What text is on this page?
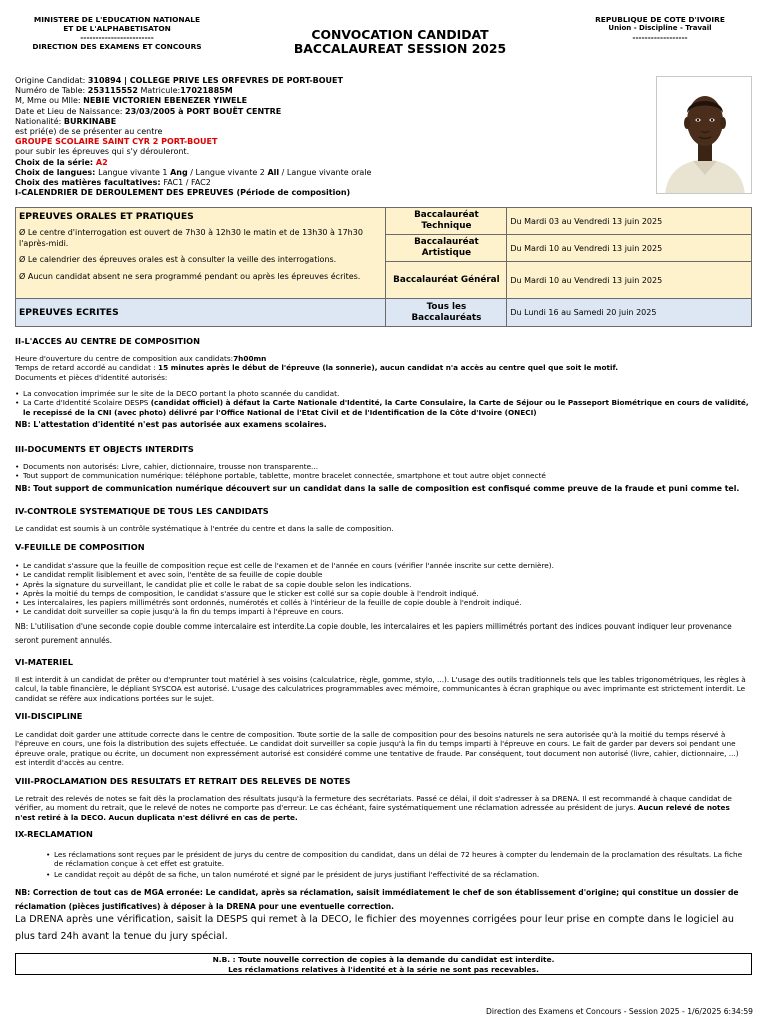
MINISTERE DE L'EDUCATION NATIONALE
ET DE L'ALPHABETISATON
------------------------
DIRECTION DES EXAMENS ET CONCOURS
CONVOCATION CANDIDAT
BACCALAUREAT SESSION 2025
REPUBLIQUE DE COTE D'IVOIRE
Union - Discipline - Travail
------------------
Origine Candidat: 310894 | COLLEGE PRIVE LES ORFEVRES DE PORT-BOUET
Numéro de Table: 253115552 Matricule:17021885M
M, Mme ou Mlle: NEBIE VICTORIEN EBENEZER YIWELE
Date et Lieu de Naissance: 23/03/2005 à PORT BOUËT CENTRE
Nationalité: BURKINABE
est prié(e) de se présenter au centre
GROUPE SCOLAIRE SAINT CYR 2 PORT-BOUET
pour subir les épreuves qui s'y dérouleront.
Choix de la série: A2
Choix de langues: Langue vivante 1 Ang / Langue vivante 2 All / Langue vivante orale
Choix des matières facultatives: FAC1 / FAC2
I-CALENDRIER DE DEROULEMENT DES EPREUVES (Période de composition)
EPREUVES ORALES ET PRATIQUES
Ø Le centre d'interrogation est ouvert de 7h30 à 12h30 le matin et de 13h30 à 17h30 l'après-midi.
Ø Le calendrier des épreuves orales est à consulter la veille des interrogations.
Ø Aucun candidat absent ne sera programmé pendant ou après les épreuves écrites.	Baccalauréat Technique	Du Mardi 03 au Vendredi 13 juin 2025
	Baccalauréat Artistique	Du Mardi 10 au Vendredi 13 juin 2025
	Baccalauréat Général	Du Mardi 10 au Vendredi 13 juin 2025
EPREUVES ECRITES	Tous les Baccalauréats	Du Lundi 16 au Samedi 20 juin 2025
II-L'ACCES AU CENTRE DE COMPOSITION
Heure d'ouverture du centre de composition aux candidats:7h00mn
Temps de retard accordé au candidat : 15 minutes après le début de l'épreuve (la sonnerie), aucun candidat n'a accès au centre quel que soit le motif.
Documents et pièces d'identité autorisés:
• La convocation imprimée sur le site de la DECO portant la photo scannée du candidat.
• La Carte d'Identité Scolaire DESPS (candidat officiel) à défaut la Carte Nationale d'Identité, la Carte Consulaire, la Carte de Séjour ou le Passeport Biométrique en cours de validité, le recepissé de la CNI (avec photo) délivré par l'Office National de l'Etat Civil et de l'Identification de la Côte d'Ivoire (ONECI)
NB: L'attestation d'identité n'est pas autorisée aux examens scolaires.
III-DOCUMENTS ET OBJECTS INTERDITS
• Documents non autorisés: Livre, cahier, dictionnaire, trousse non transparente...
• Tout support de communication numérique: téléphone portable, tablette, montre bracelet connectée, smartphone et tout autre objet connecté
NB: Tout support de communication numérique découvert sur un candidat dans la salle de composition est confisqué comme preuve de la fraude et puni comme tel.
IV-CONTROLE SYSTEMATIQUE DE TOUS LES CANDIDATS
Le candidat est soumis à un contrôle systématique à l'entrée du centre et dans la salle de composition.
V-FEUILLE DE COMPOSITION
• Le candidat s'assure que la feuille de composition reçue est celle de l'examen et de l'année en cours (vérifier l'année inscrite sur cette dernière).
• Le candidat remplit lisiblement et avec soin, l'entête de sa feuille de copie double
• Après la signature du surveillant, le candidat plie et colle le rabat de sa copie double selon les indications.
• Après la moitié du temps de composition, le candidat s'assure que le sticker est collé sur sa copie double à l'endroit indiqué.
• Les intercalaires, les papiers millimétrés sont ordonnés, numérotés et collés à l'intérieur de la feuille de copie double à l'endroit indiqué.
• Le candidat doit surveiller sa copie jusqu'à la fin du temps imparti à l'épreuve en cours.
NB: L'utilisation d'une seconde copie double comme intercalaire est interdite.La copie double, les intercalaires et les papiers millimétrés portant des indices pouvant indiquer leur provenance seront purement annulés.
VI-MATERIEL
Il est interdit à un candidat de prêter ou d'emprunter tout matériel à ses voisins (calculatrice, règle, gomme, stylo, ...). L'usage des outils traditionnels tels que les tables trigonométriques, les règles à calcul, la table financière, le dépliant SYSCOA est autorisé. L'usage des calculatrices programmables avec mémoire, communicantes à écran graphique ou avec imprimante est strictement interdit. Le candidat se réfère aux indications portées sur le sujet.
VII-DISCIPLINE
Le candidat doit garder une attitude correcte dans le centre de composition. Toute sortie de la salle de composition pour des besoins naturels ne sera autorisée qu'à la moitié du temps réservé à l'épreuve en cours, une fois la distribution des sujets effectuée. Le candidat doit surveiller sa copie jusqu'à la fin du temps imparti à l'épreuve en cours. Le fait de garder par devers soi pendant une épreuve orale, pratique ou écrite, un document non expressément autorisé est considéré comme une tentative de fraude. Par conséquent, tout document non autorisé (livre, cahier, dictionnaire, ...) est interdit d'accès au centre.
VIII-PROCLAMATION DES RESULTATS ET RETRAIT DES RELEVES DE NOTES
Le retrait des relevés de notes se fait dès la proclamation des résultats jusqu'à la fermeture des secrétariats. Passé ce délai, il doit s'adresser à sa DRENA. Il est recommandé à chaque candidat de vérifier, au moment du retrait, que le relevé de notes ne comporte pas d'erreur. Le cas échéant, faire systématiquement une réclamation adressée au président de jurys. Aucun relevé de notes n'est retiré à la DECO. Aucun duplicata n'est délivré en cas de perte.
IX-RECLAMATION
• Les réclamations sont reçues par le président de jurys du centre de composition du candidat, dans un délai de 72 heures à compter du lendemain de la proclamation des résultats. La fiche de réclamation conçue à cet effet est gratuite.
• Le candidat reçoit au dépôt de sa fiche, un talon numéroté et signé par le président de jurys justifiant l'effectivité de sa réclamation.
NB: Correction de tout cas de MGA erronée: Le candidat, après sa réclamation, saisit immédiatement le chef de son établissement d'origine; qui constitue un dossier de réclamation (pièces justificatives) à déposer à la DRENA pour une eventuelle correction.
La DRENA après une vérification, saisit la DESPS qui remet à la DECO, le fichier des moyennes corrigées pour leur prise en compte dans le logiciel au plus tard 24h avant la tenue du jury spécial.
N.B. : Toute nouvelle correction de copies à la demande du candidat est interdite.
Les réclamations relatives à l'identité et à la série ne sont pas recevables.
Direction des Examens et Concours - Session 2025 - 1/6/2025 6:34:59
